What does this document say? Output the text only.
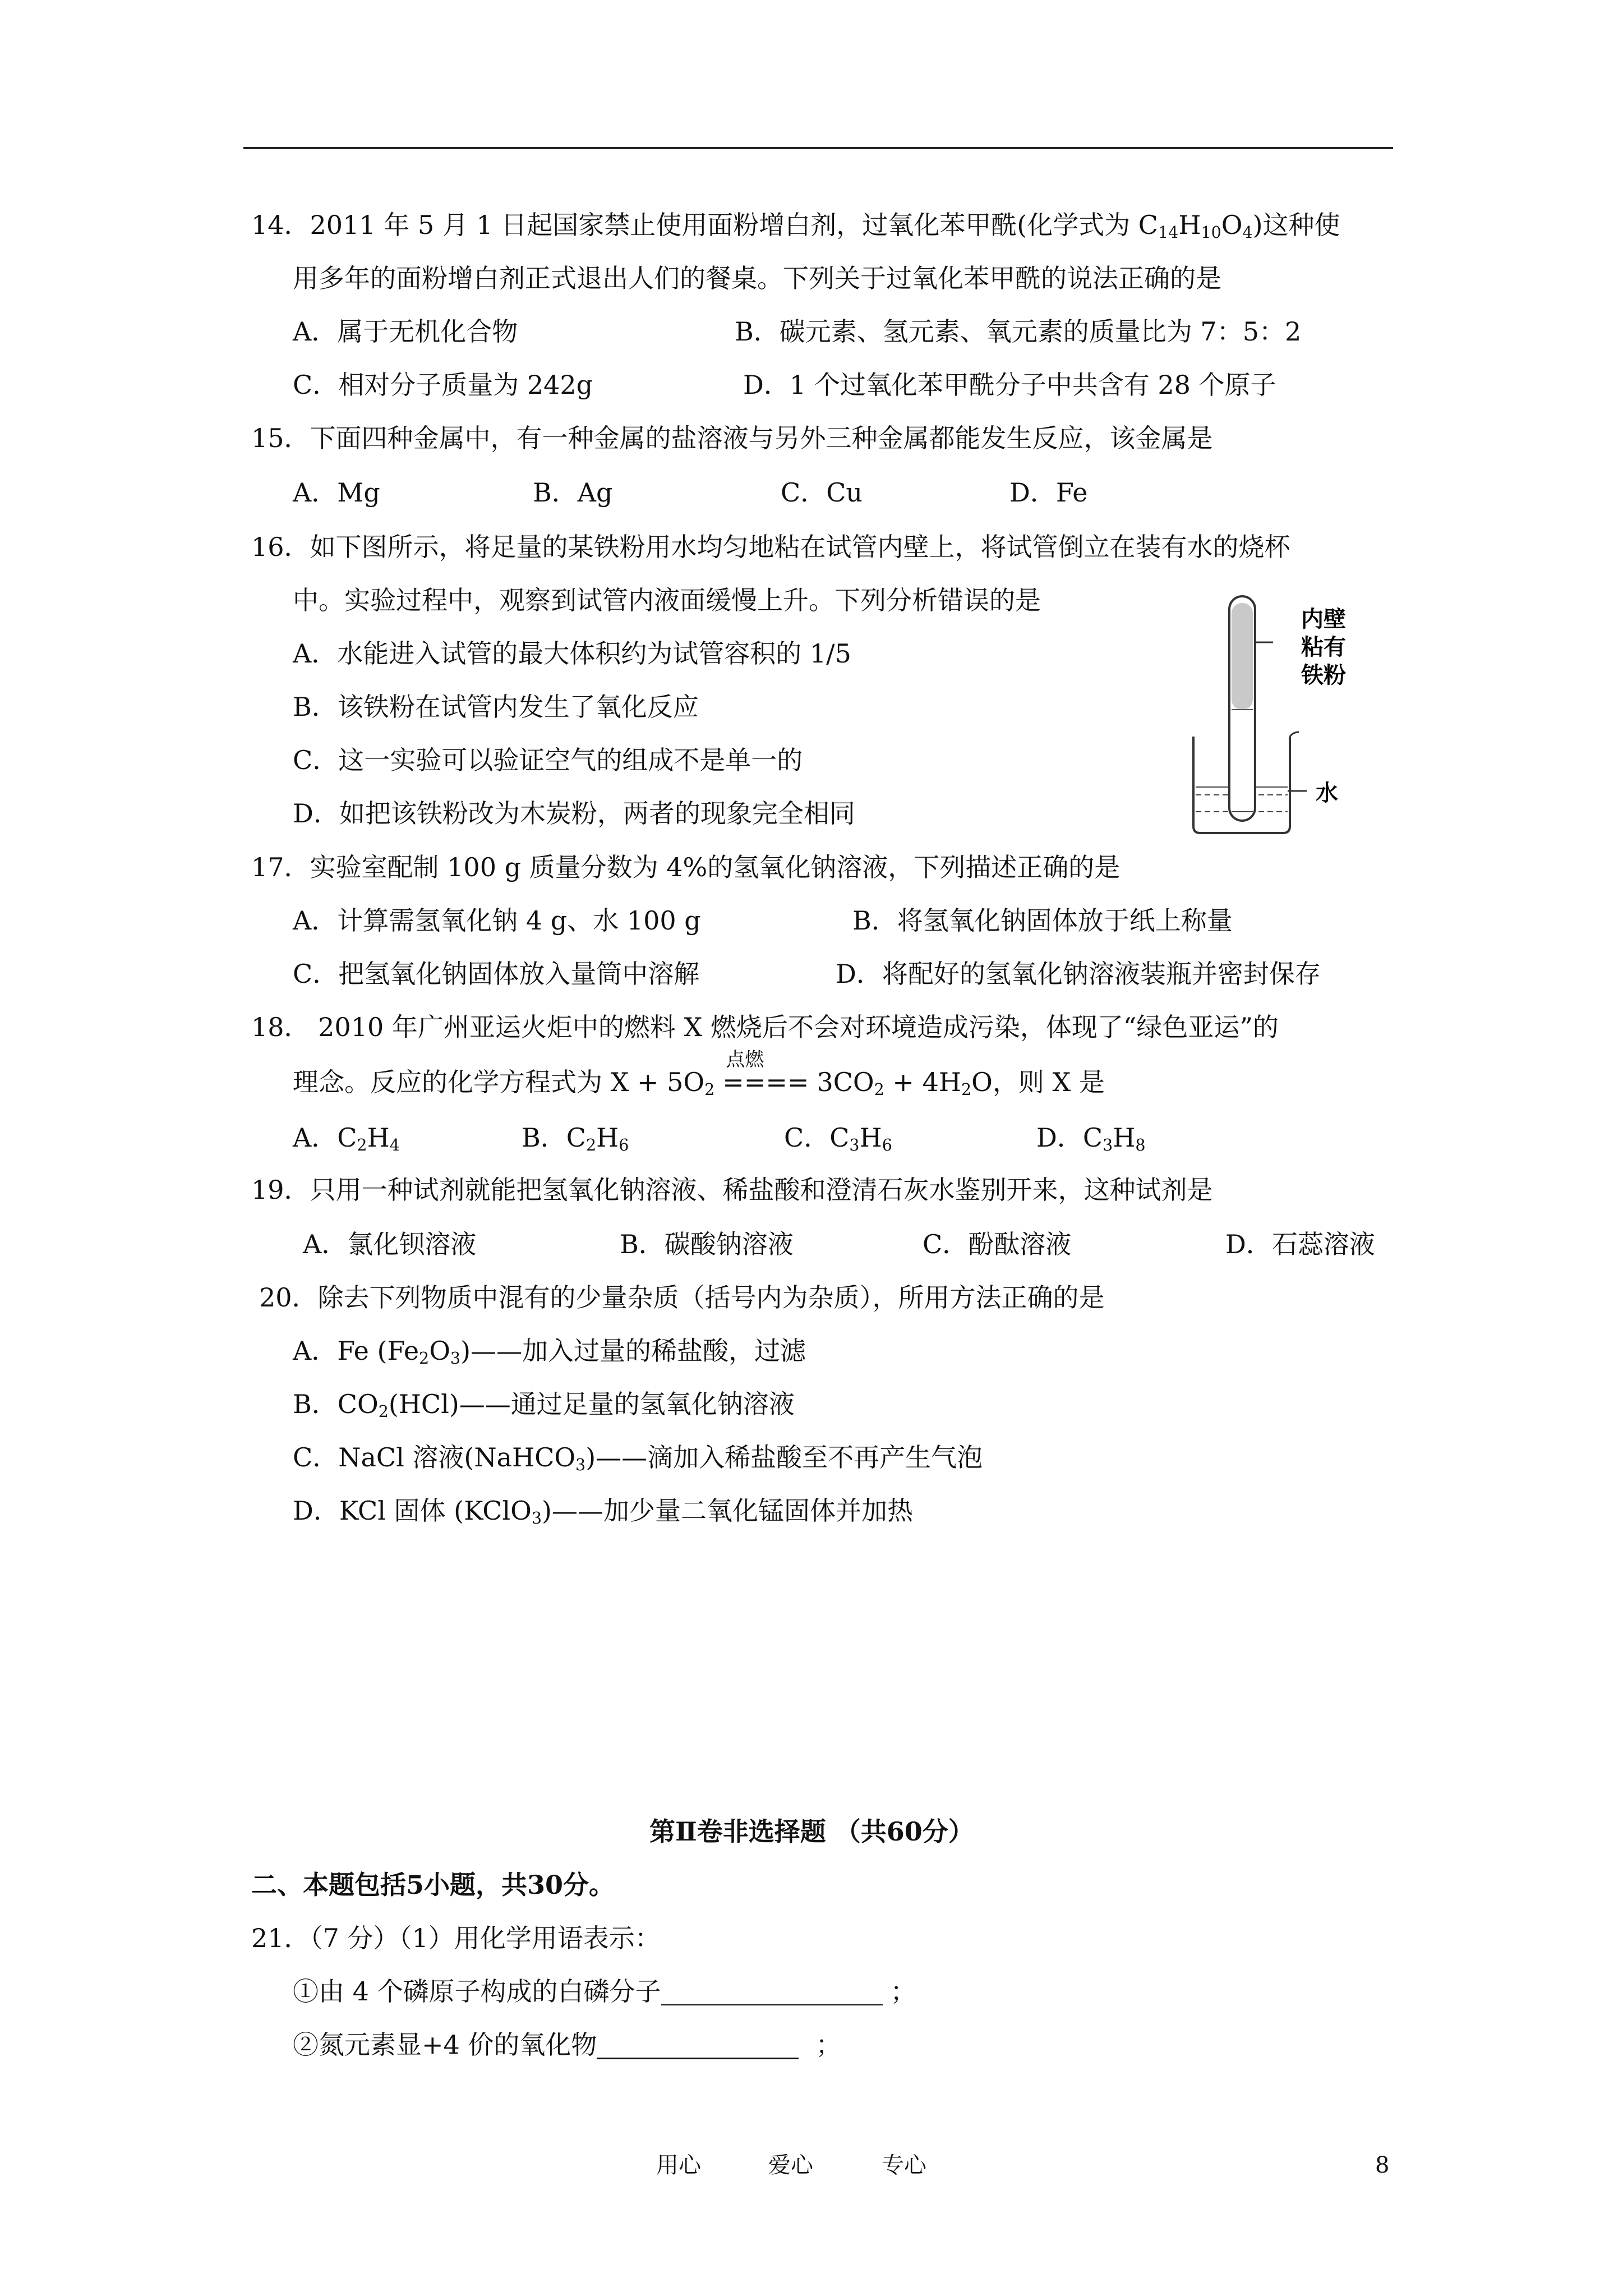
14．2011 年 5 月 1 日起国家禁止使用面粉增白剂，过氧化苯甲酰(化学式为 $C_{14}H_{10}O_4$)这种使
用多年的面粉增白剂正式退出人们的餐桌。下列关于过氧化苯甲酰的说法正确的是
A．属于无机化合物	B．碳元素、氢元素、氧元素的质量比为 7：5：2
C．相对分子质量为 242g	D．1 个过氧化苯甲酰分子中共含有 28 个原子
15．下面四种金属中，有一种金属的盐溶液与另外三种金属都能发生反应，该金属是
A．Mg	B．Ag	C．Cu	D．Fe
16．如下图所示，将足量的某铁粉用水均匀地粘在试管内壁上，将试管倒立在装有水的烧杯
中。实验过程中，观察到试管内液面缓慢上升。下列分析错误的是
A．水能进入试管的最大体积约为试管容积的 1/5
B．该铁粉在试管内发生了氧化反应
C．这一实验可以验证空气的组成不是单一的
D．如把该铁粉改为木炭粉，两者的现象完全相同
内壁
粘有
铁粉
水
17．实验室配制 100 g 质量分数为 4%的氢氧化钠溶液，下列描述正确的是
A．计算需氢氧化钠 4 g、水 100 g	B．将氢氧化钠固体放于纸上称量
C．把氢氧化钠固体放入量筒中溶解	D．将配好的氢氧化钠溶液装瓶并密封保存
18． 2010 年广州亚运火炬中的燃料 X 燃烧后不会对环境造成污染，体现了“绿色亚运”的
理念。反应的化学方程式为 $X + 5O_2$
点燃
==== $3CO_2 + 4H_2O$，则 X 是
A．$C_2H_4$	B．$C_2H_6$	C．$C_3H_6$	D．$C_3H_8$
19．只用一种试剂就能把氢氧化钠溶液、稀盐酸和澄清石灰水鉴别开来，这种试剂是
A．氯化钡溶液	B．碳酸钠溶液	C．酚酞溶液	D．石蕊溶液
20．除去下列物质中混有的少量杂质（括号内为杂质），所用方法正确的是
A．Fe $(Fe_2O_3)——$加入过量的稀盐酸，过滤
B．$CO_2(HCl)——$通过足量的氢氧化钠溶液
C．NaCl 溶液(NaHCO$_3$)——滴加入稀盐酸至不再产生气泡
D．KCl 固体 (KClO$_3$)——加少量二氧化锰固体并加热
第Ⅱ卷非选择题 （共60分）
二、本题包括5小题，共30分。
21．（7 分）（1）用化学用语表示：
①由 4 个磷原子构成的白磷分子	；
②氮元素显+4 价的氧化物	；
用心	爱心	专心	8
